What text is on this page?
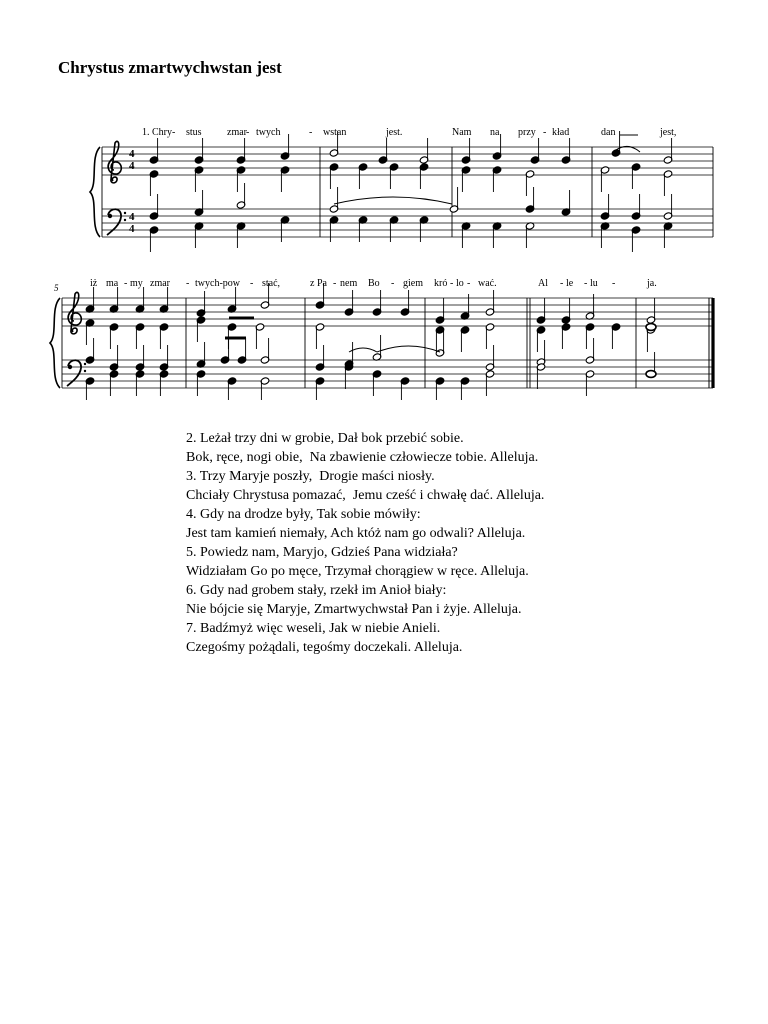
Chrystus zmartwychwstan jest
1. Chry - stus	zmar - twych	- wstan	jest.	Nam na przy - kład	dan	jest,
iż ma - my zmar - twych-pow - stać,	z Pa - nem Bo - giem kró - lo - wać.	Al - le - lu -	ja.
5
4
4
4
4
2. Leżał trzy dni w grobie, Dał bok przebić sobie.
Bok, ręce, nogi obie,  Na zbawienie człowiecze tobie. Alleluja.
3. Trzy Maryje poszły,  Drogie maści niosły.
Chciały Chrystusa pomazać,  Jemu cześć i chwałę dać. Alleluja.
4. Gdy na drodze były, Tak sobie mówiły:
Jest tam kamień niemały, Ach któż nam go odwali? Alleluja.
5. Powiedz nam, Maryjo, Gdzieś Pana widziała?
Widziałam Go po męce, Trzymał chorągiew w ręce. Alleluja.
6. Gdy nad grobem stały, rzekł im Anioł biały:
Nie bójcie się Maryje, Zmartwychwstał Pan i żyje. Alleluja.
7. Badźmyż więc weseli, Jak w niebie Anieli.
Czegośmy pożądali, tegośmy doczekali. Alleluja.
